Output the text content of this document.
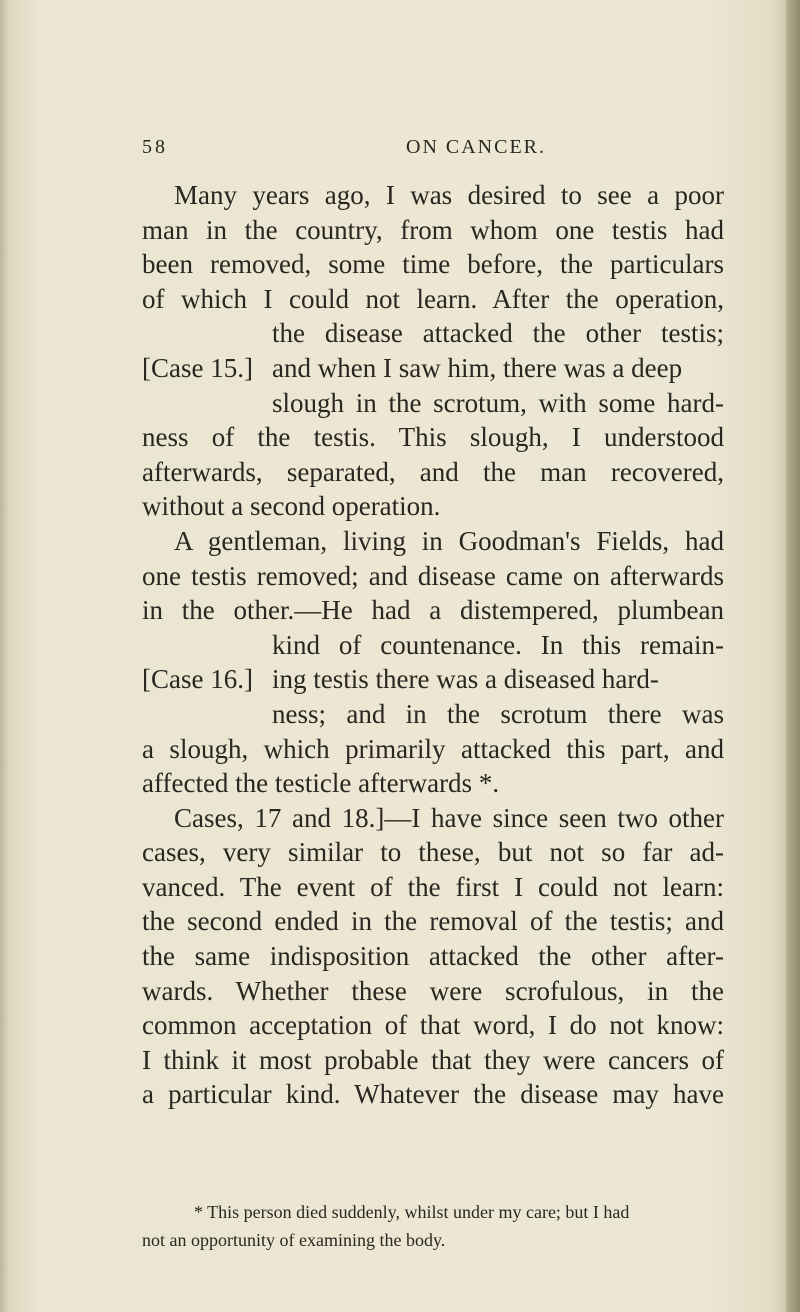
58	ON CANCER.
Many years ago, I was desired to see a poor
man in the country, from whom one testis had
been removed, some time before, the particulars
of which I could not learn. After the operation,
the disease attacked the other testis;
[Case 15.] and when I saw him, there was a deep
slough in the scrotum, with some hard-
ness of the testis. This slough, I understood
afterwards, separated, and the man recovered,
without a second operation.
A gentleman, living in Goodman's Fields, had
one testis removed; and disease came on afterwards
in the other.—He had a distempered, plumbean
kind of countenance. In this remain-
[Case 16.] ing testis there was a diseased hard-
ness; and in the scrotum there was
a slough, which primarily attacked this part, and
affected the testicle afterwards *.
Cases, 17 and 18.]—I have since seen two other
cases, very similar to these, but not so far ad-
vanced. The event of the first I could not learn:
the second ended in the removal of the testis; and
the same indisposition attacked the other after-
wards. Whether these were scrofulous, in the
common acceptation of that word, I do not know:
I think it most probable that they were cancers of
a particular kind. Whatever the disease may have
* This person died suddenly, whilst under my care; but I had
not an opportunity of examining the body.
